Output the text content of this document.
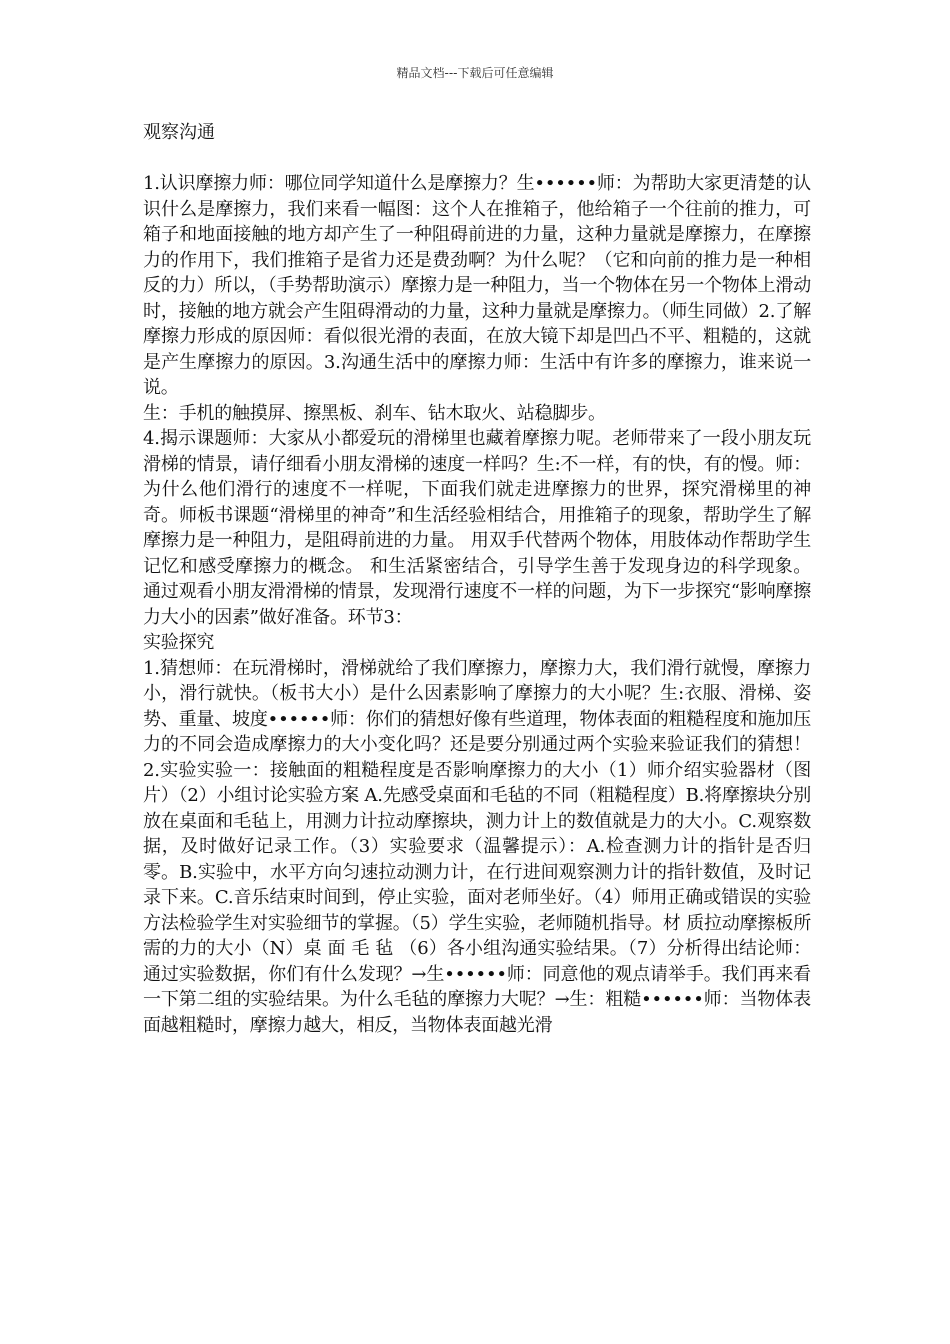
精品文档---下载后可任意编辑
观察沟通

1.认识摩擦力师：哪位同学知道什么是摩擦力？生••••••师：为帮助大家更清楚的认识什么是摩擦力，我们来看一幅图：这个人在推箱子，他给箱子一个往前的推力，可箱子和地面接触的地方却产生了一种阻碍前进的力量，这种力量就是摩擦力，在摩擦力的作用下，我们推箱子是省力还是费劲啊？为什么呢？（它和向前的推力是一种相反的力）所以，（手势帮助演示）摩擦力是一种阻力，当一个物体在另一个物体上滑动时，接触的地方就会产生阻碍滑动的力量，这种力量就是摩擦力。（师生同做）2.了解摩擦力形成的原因师：看似很光滑的表面，在放大镜下却是凹凸不平、粗糙的，这就是产生摩擦力的原因。3.沟通生活中的摩擦力师：生活中有许多的摩擦力，谁来说一说。

生：手机的触摸屏、擦黑板、刹车、钻木取火、站稳脚步。

4.揭示课题师：大家从小都爱玩的滑梯里也藏着摩擦力呢。老师带来了一段小朋友玩滑梯的情景，请仔细看小朋友滑梯的速度一样吗？生:不一样，有的快，有的慢。师：为什么他们滑行的速度不一样呢，下面我们就走进摩擦力的世界，探究滑梯里的神奇。师板书课题“滑梯里的神奇”和生活经验相结合，用推箱子的现象，帮助学生了解摩擦力是一种阻力，是阻碍前进的力量。 用双手代替两个物体，用肢体动作帮助学生记忆和感受摩擦力的概念。 和生活紧密结合，引导学生善于发现身边的科学现象。 通过观看小朋友滑滑梯的情景，发现滑行速度不一样的问题，为下一步探究“影响摩擦力大小的因素”做好准备。环节3：

实验探究

1.猜想师：在玩滑梯时，滑梯就给了我们摩擦力，摩擦力大，我们滑行就慢，摩擦力小，滑行就快。（板书大小）是什么因素影响了摩擦力的大小呢？生:衣服、滑梯、姿势、重量、坡度••••••师：你们的猜想好像有些道理，物体表面的粗糙程度和施加压力的不同会造成摩擦力的大小变化吗？还是要分别通过两个实验来验证我们的猜想！2.实验实验一：接触面的粗糙程度是否影响摩擦力的大小（1）师介绍实验器材（图片）（2）小组讨论实验方案 A.先感受桌面和毛毡的不同（粗糙程度）B.将摩擦块分别放在桌面和毛毡上，用测力计拉动摩擦块，测力计上的数值就是力的大小。C.观察数据，及时做好记录工作。（3）实验要求（温馨提示）：A.检查测力计的指针是否归零。B.实验中，水平方向匀速拉动测力计，在行进间观察测力计的指针数值，及时记录下来。C.音乐结束时间到，停止实验，面对老师坐好。（4）师用正确或错误的实验方法检验学生对实验细节的掌握。（5）学生实验，老师随机指导。材 质拉动摩擦板所需的力的大小（N）桌 面 毛 毡 （6）各小组沟通实验结果。（7）分析得出结论师：通过实验数据，你们有什么发现？→生••••••师：同意他的观点请举手。我们再来看一下第二组的实验结果。为什么毛毡的摩擦力大呢？→生：粗糙••••••师：当物体表面越粗糙时，摩擦力越大，相反，当物体表面越光滑
